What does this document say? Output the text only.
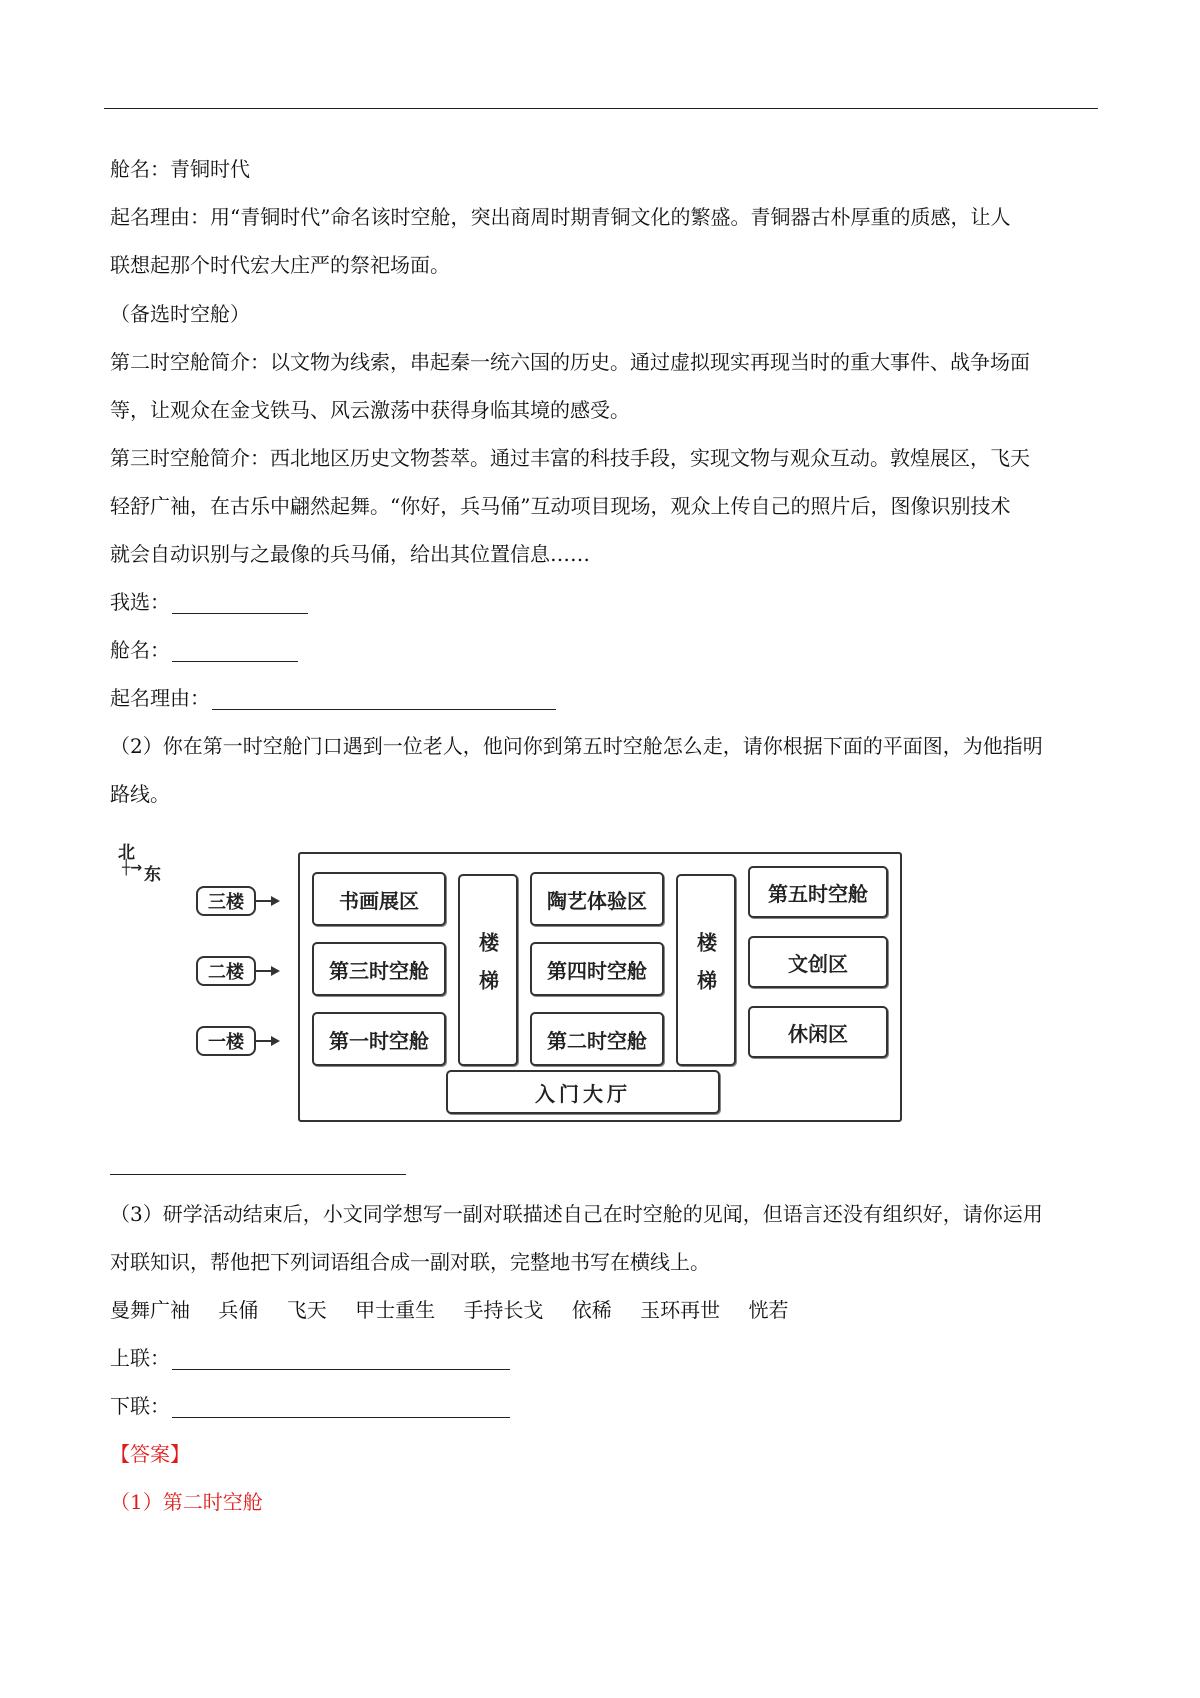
舱名：青铜时代
起名理由：用“青铜时代”命名该时空舱，突出商周时期青铜文化的繁盛。青铜器古朴厚重的质感，让人
联想起那个时代宏大庄严的祭祀场面。
（备选时空舱）
第二时空舱简介：以文物为线索，串起秦一统六国的历史。通过虚拟现实再现当时的重大事件、战争场面
等，让观众在金戈铁马、风云激荡中获得身临其境的感受。
第三时空舱简介：西北地区历史文物荟萃。通过丰富的科技手段，实现文物与观众互动。敦煌展区，飞天
轻舒广袖，在古乐中翩然起舞。“你好，兵马俑”互动项目现场，观众上传自己的照片后，图像识别技术
就会自动识别与之最像的兵马俑，给出其位置信息……
我选：
舱名：
起名理由：
（2）你在第一时空舱门口遇到一位老人，他问你到第五时空舱怎么走，请你根据下面的平面图，为他指明
路线。
北
┼→ 东
三楼
二楼
一楼
书画展区
第三时空舱
第一时空舱
楼梯
陶艺体验区
第四时空舱
第二时空舱
楼梯
第五时空舱
文创区
休闲区
入门大厅
（3）研学活动结束后，小文同学想写一副对联描述自己在时空舱的见闻，但语言还没有组织好，请你运用
对联知识，帮他把下列词语组合成一副对联，完整地书写在横线上。
曼舞广袖 兵俑 飞天 甲士重生 手持长戈 依稀 玉环再世 恍若
上联：
下联：
【答案】
（1）第二时空舱
